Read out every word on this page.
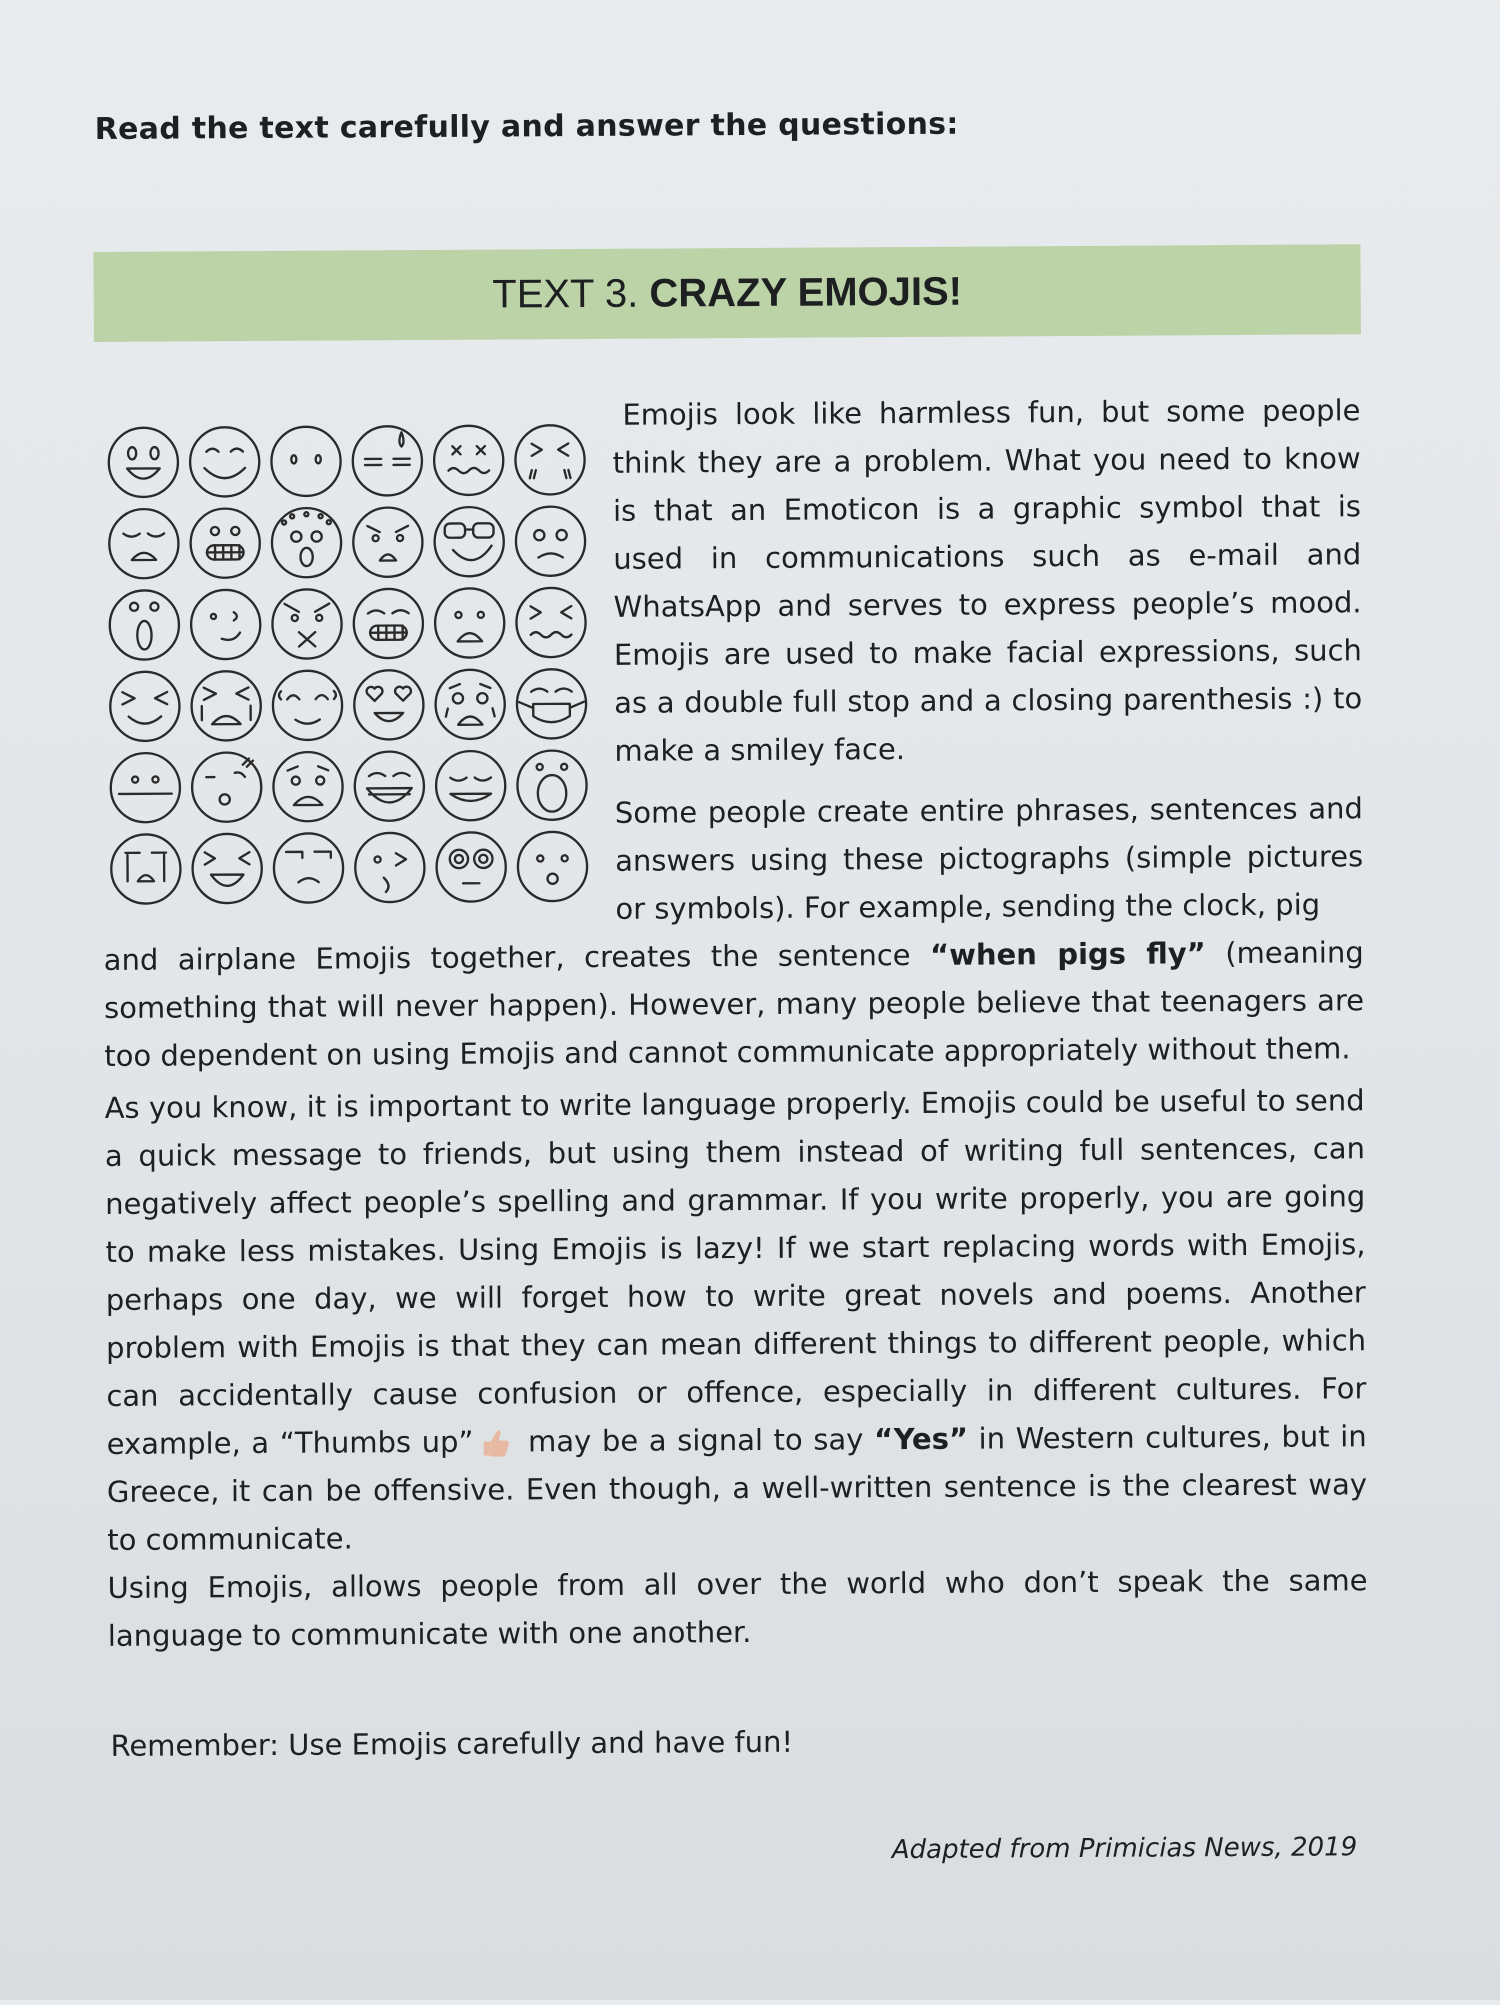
Read the text carefully and answer the questions:
TEXT 3. CRAZY EMOJIS!

Emojis look like harmless fun, but some people think they are a problem. What you need to know is that an Emoticon is a graphic symbol that is used in communications such as e-mail and WhatsApp and serves to express people’s mood. Emojis are used to make facial expressions, such as a double full stop and a closing parenthesis :) to make a smiley face.

Some people create entire phrases, sentences and answers using these pictographs (simple pictures or symbols). For example, sending the clock, pig

and airplane Emojis together, creates the sentence “when pigs fly” (meaning something that will never happen). However, many people believe that teenagers are too dependent on using Emojis and cannot communicate appropriately without them.

As you know, it is important to write language properly. Emojis could be useful to send a quick message to friends, but using them instead of writing full sentences, can negatively affect people’s spelling and grammar. If you write properly, you are going to make less mistakes. Using Emojis is lazy! If we start replacing words with Emojis, perhaps one day, we will forget how to write great novels and poems. Another problem with Emojis is that they can mean different things to different people, which can accidentally cause confusion or offence, especially in different cultures. For example, a “Thumbs up” may be a signal to say “Yes” in Western cultures, but in Greece, it can be offensive. Even though, a well-written sentence is the clearest way to communicate.

Using Emojis, allows people from all over the world who don’t speak the same language to communicate with one another.

Remember: Use Emojis carefully and have fun!
Adapted from Primicias News, 2019
